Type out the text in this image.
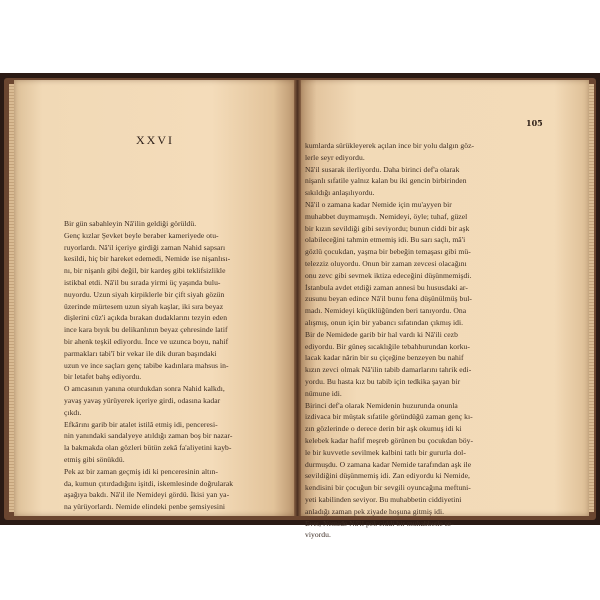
XXVI
Bir gün sabahleyin Nâ'ilin geldiği görüldü.
Genç kızlar Şevket beyle beraber kameriyede otu-
ruyorlardı. Nâ'il içeriye girdiği zaman Nahid sapsarı
kesildi, hiç bir hareket edemedi, Nemide ise nişanlısı-
nı, bir nişanlı gibi değil, bir kardeş gibi teklifsizlikle
istikbal etdi. Nâ'il bu sırada yirmi üç yaşında bulu-
nuyordu. Uzun siyah kirpiklerle bir çift siyah gözün
üzerinde mürtesem uzun siyah kaşlar, iki sıra beyaz
dişlerini cûz'i açıkda bırakan dudaklarını tezyin eden
ince kara bıyık bu delikanlının beyaz çehresinde latif
bir ahenk teşkil ediyordu. İnce ve uzunca boyu, nahif
parmakları tabi'î bir vekar ile dik duran başındaki
uzun ve ince saçları genç tabibe kadınlara mahsus in-
bir letafet bahş ediyordu.
O amcasının yanına oturdukdan sonra Nahid kalkdı,
yavaş yavaş yürüyerek içeriye girdi, odasına kadar
çıkdı.
Efkârını garib bir atalet istilâ etmiş idi, penceresi-
nin yanındaki sandalyeye atıldığı zaman boş bir nazar-
la bakmakda olan gözleri bütün zekâ fa'aliyetini kayb-
etmiş gibi sönükdü.
Pek az bir zaman geçmiş idi ki penceresinin altın-
da, kumun çıtırdadığını işitdi, iskemlesinde doğrularak
aşağıya bakdı. Nâ'il ile Nemideyi gördü. İkisi yan ya-
na yürüyorlardı. Nemide elindeki penbe şemsiyesini
105
kumlarda sürükleyerek açılan ince bir yolu dalgın göz-
lerle seyr ediyordu.
Nâ'il susarak ilerliyordu. Daha birinci def'a olarak
nişanlı sıfatile yalnız kalan bu iki gencin birbirinden
sıkıldığı anlaşılıyordu.
Nâ'il o zamana kadar Nemide için mu'ayyen bir
muhabbet duymamışdı. Nemideyi, öyle; tuhaf, güzel
bir kızın sevildiği gibi seviyordu; bunun ciddi bir aşk
olabileceğini tahmin etmemiş idi. Bu sarı saçlı, mâ'i
gözlü çocukdan, yaşma bir bebeğin temaşası gibi mü-
telezziz oluyordu. Onun bir zaman zevcesi olacağını
onu zevc gibi sevmek iktiza edeceğini düşünmemişdi.
İstanbula avdet etdiği zaman annesi bu hususdaki ar-
zusunu beyan edince Nâ'il bunu fena düşünülmüş bul-
madı. Nemideyi küçüklüğünden beri tanıyordu. Ona
alışmış, onun için bir yabancı sıfatından çıkmış idi.
Bir de Nemidede garib bir hal vardı ki Nâ'ili cezb
ediyordu. Bir güneş sıcaklığile tebahhurundan korku-
lacak kadar nârin bir su çiçeğine benzeyen bu nahif
kızın zevci olmak Nâ'ilin tabib damarlarını tahrik edi-
yordu. Bu hasta kız bu tabib için tedkika şayan bir
nümune idi.
Birinci def'a olarak Nemidenin huzurunda onunla
izdivaca bir müştak sıfatile göründüğü zaman genç kı-
zın gözlerinde o derece derin bir aşk okumuş idi ki
kelebek kadar hafif meşreb görünen bu çocukdan böy-
le bir kuvvetle sevilmek kalbini tatlı bir gururla dol-
durmuşdu. O zamana kadar Nemide tarafından aşk ile
sevildiğini düşünmemiş idi. Zan ediyordu ki Nemide,
kendisini bir çocuğun bir sevgili oyuncağına meftuni-
yeti kabilinden seviyor. Bu muhabbetin ciddiyetini
anladığı zaman pek ziyade hoşuna gitmiş idi.
Evet, Nemide Nâ'il pek ciddi bir muhabbetle se-
viyordu.
